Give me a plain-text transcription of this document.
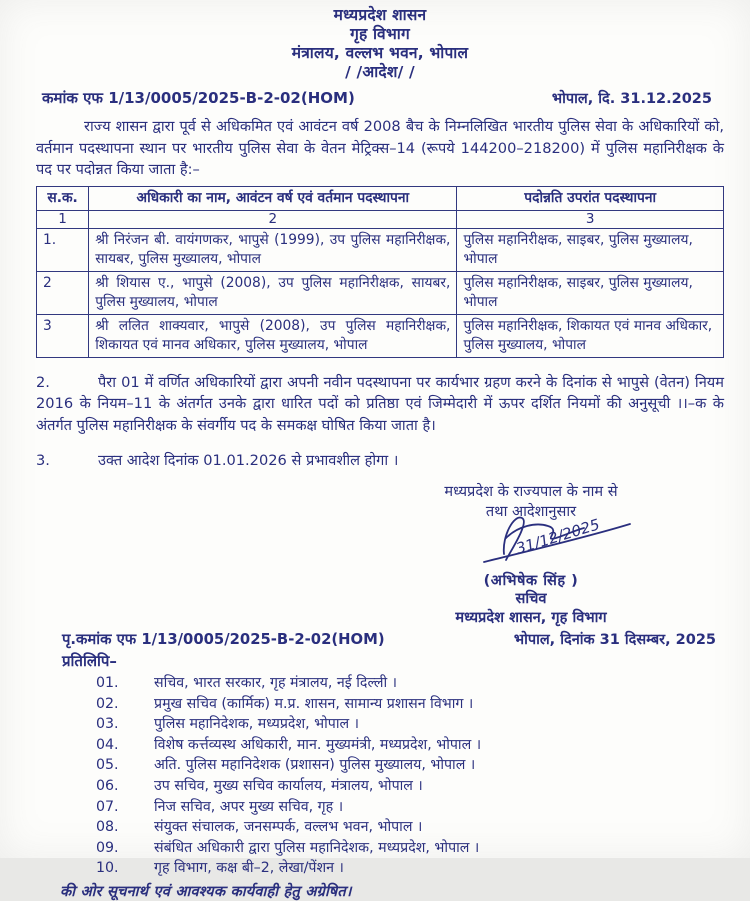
मध्यप्रदेश शासन
गृह विभाग
मंत्रालय, वल्लभ भवन, भोपाल
/ /आदेश/ /
कमांक एफ 1/13/0005/2025-B-2-02(HOM)	भोपाल, दि. 31.12.2025

राज्य शासन द्वारा पूर्व से अधिकमित एवं आवंटन वर्ष 2008 बैच के निम्नलिखित भारतीय पुलिस सेवा के अधिकारियों को, वर्तमान पदस्थापना स्थान पर भारतीय पुलिस सेवा के वेतन मेट्रिक्स–14 (रूपये 144200–218200) में पुलिस महानिरीक्षक के पद पर पदोन्नत किया जाता है:–

स.क.	अधिकारी का नाम, आवंटन वर्ष एवं वर्तमान पदस्थापना	पदोन्नति उपरांत पदस्थापना
1	2	3
1.	श्री निरंजन बी. वायंगणकर, भापुसे (1999), उप पुलिस महानिरीक्षक, सायबर, पुलिस मुख्यालय, भोपाल	पुलिस महानिरीक्षक, साइबर, पुलिस मुख्यालय, भोपाल
2	श्री शियास ए., भापुसे (2008), उप पुलिस महानिरीक्षक, सायबर, पुलिस मुख्यालय, भोपाल	पुलिस महानिरीक्षक, साइबर, पुलिस मुख्यालय, भोपाल
3	श्री ललित शाक्यवार, भापुसे (2008), उप पुलिस महानिरीक्षक, शिकायत एवं मानव अधिकार, पुलिस मुख्यालय, भोपाल	पुलिस महानिरीक्षक, शिकायत एवं मानव अधिकार, पुलिस मुख्यालय, भोपाल

2.	पैरा 01 में वर्णित अधिकारियों द्वारा अपनी नवीन पदस्थापना पर कार्यभार ग्रहण करने के दिनांक से भापुसे (वेतन) नियम 2016 के नियम–11 के अंतर्गत उनके द्वारा धारित पदों को प्रतिष्ठा एवं जिम्मेदारी में ऊपर दर्शित नियमों की अनुसूची ।।–क के अंतर्गत पुलिस महानिरीक्षक के संवर्गीय पद के समकक्ष घोषित किया जाता है।

3.	उक्त आदेश दिनांक 01.01.2026 से प्रभावशील होगा ।

मध्यप्रदेश के राज्यपाल के नाम से
तथा आदेशानुसार
31/12/2025
(अभिषेक सिंह )
सचिव
मध्यप्रदेश शासन, गृह विभाग
पृ.कमांक एफ 1/13/0005/2025-B-2-02(HOM)	भोपाल, दिनांक 31 दिसम्बर, 2025
प्रतिलिपि–
01.	सचिव, भारत सरकार, गृह मंत्रालय, नई दिल्ली ।
02.	प्रमुख सचिव (कार्मिक) म.प्र. शासन, सामान्य प्रशासन विभाग ।
03.	पुलिस महानिदेशक, मध्यप्रदेश, भोपाल ।
04.	विशेष कर्त्तव्यस्थ अधिकारी, मान. मुख्यमंत्री, मध्यप्रदेश, भोपाल ।
05.	अति. पुलिस महानिदेशक (प्रशासन) पुलिस मुख्यालय, भोपाल ।
06.	उप सचिव, मुख्य सचिव कार्यालय, मंत्रालय, भोपाल ।
07.	निज सचिव, अपर मुख्य सचिव, गृह ।
08.	संयुक्त संचालक, जनसम्पर्क, वल्लभ भवन, भोपाल ।
09.	संबंधित अधिकारी द्वारा पुलिस महानिदेशक, मध्यप्रदेश, भोपाल ।
10.	गृह विभाग, कक्ष बी–2, लेखा/पेंशन ।
की ओर सूचनार्थ एवं आवश्यक कार्यवाही हेतु अग्रेषित।
